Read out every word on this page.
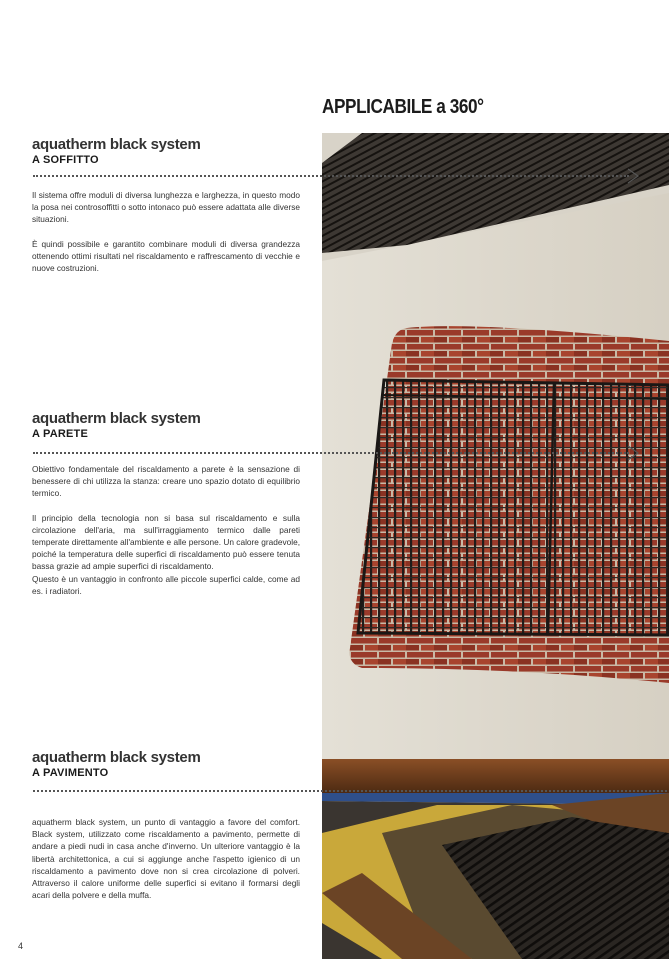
APPLICABILE a 360°
aquatherm black system
A SOFFITTO

Il sistema offre moduli di diversa lunghezza e larghezza, in questo modo la posa nei controsoffitti o sotto intonaco può essere adattata alle diverse situazioni.

È quindi possibile e garantito combinare moduli di diversa grandezza ottenendo ottimi risultati nel riscaldamento e raffrescamento di vecchie e nuove costruzioni.

aquatherm black system
A PARETE

Obiettivo fondamentale del riscaldamento a parete è la sensazione di benessere di chi utilizza la stanza: creare uno spazio dotato di equilibrio termico.

Il principio della tecnologia non si basa sul riscaldamento e sulla circolazione dell'aria, ma sull'irraggiamento termico dalle pareti temperate direttamente all'ambiente e alle persone. Un calore gradevole, poiché la temperatura delle superfici di riscaldamento può essere tenuta bassa grazie ad ampie superfici di riscaldamento.
Questo è un vantaggio in confronto alle piccole superfici calde, come ad es. i radiatori.

aquatherm black system
A PAVIMENTO

aquatherm black system, un punto di vantaggio a favore del comfort. Black system, utilizzato come riscaldamento a pavimento, permette di andare a piedi nudi in casa anche d'inverno. Un ulteriore vantaggio è la libertà architettonica, a cui si aggiunge anche l'aspetto igienico di un riscaldamento a pavimento dove non si crea circolazione di polveri. Attraverso il calore uniforme delle superfici si evitano il formarsi degli acari della polvere e della muffa.

4
